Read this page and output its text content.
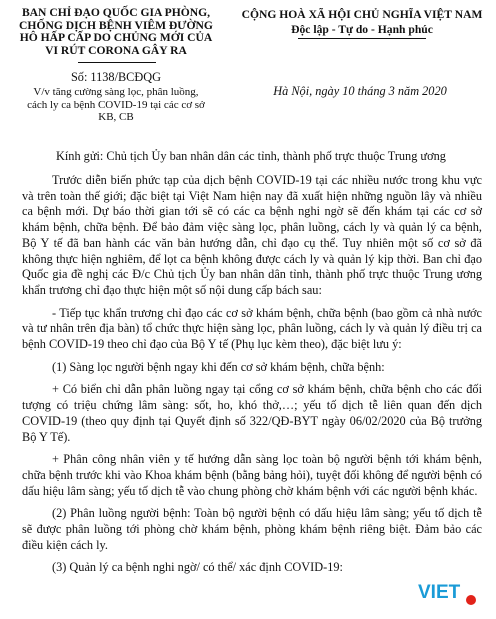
BAN CHỈ ĐẠO QUỐC GIA PHÒNG,
CHỐNG DỊCH BỆNH VIÊM ĐƯỜNG
HÔ HẤP CẤP DO CHỦNG MỚI CỦA
VI RÚT CORONA GÂY RA
CỘNG HOÀ XÃ HỘI CHỦ NGHĨA VIỆT NAM
Độc lập - Tự do - Hạnh phúc
Số: 1138/BCĐQG
V/v tăng cường sàng lọc, phân luồng,
cách ly ca bệnh COVID-19 tại các cơ sở
KB, CB
Hà Nội, ngày 10 tháng 3 năm 2020
Kính gửi: Chủ tịch Ủy ban nhân dân các tỉnh, thành phố trực thuộc Trung ương

Trước diễn biến phức tạp của dịch bệnh COVID-19 tại các nhiều nước trong khu vực và trên toàn thế giới; đặc biệt tại Việt Nam hiện nay đã xuất hiện những nguồn lây và nhiều ca bệnh mới. Dự báo thời gian tới sẽ có các ca bệnh nghi ngờ sẽ đến khám tại các cơ sở khám bệnh, chữa bệnh. Để bảo đảm việc sàng lọc, phân luồng, cách ly và quản lý ca bệnh, Bộ Y tế đã ban hành các văn bản hướng dẫn, chỉ đạo cụ thể. Tuy nhiên một số cơ sở đã không thực hiện nghiêm, để lọt ca bệnh không được cách ly và quản lý kịp thời. Ban chỉ đạo Quốc gia đề nghị các Đ/c Chủ tịch Ủy ban nhân dân tỉnh, thành phố trực thuộc Trung ương khẩn trương chỉ đạo thực hiện một số nội dung cấp bách sau:

- Tiếp tục khẩn trương chỉ đạo các cơ sở khám bệnh, chữa bệnh (bao gồm cả nhà nước và tư nhân trên địa bàn) tổ chức thực hiện sàng lọc, phân luồng, cách ly và quản lý điều trị ca bệnh COVID-19 theo chỉ đạo của Bộ Y tế (Phụ lục kèm theo), đặc biệt lưu ý:

(1) Sàng lọc người bệnh ngay khi đến cơ sở khám bệnh, chữa bệnh:

+ Có biển chỉ dẫn phân luồng ngay tại cổng cơ sở khám bệnh, chữa bệnh cho các đối tượng có triệu chứng lâm sàng: sốt, ho, khó thở,…; yếu tố dịch tễ liên quan đến dịch COVID-19 (theo quy định tại Quyết định số 322/QĐ-BYT ngày 06/02/2020 của Bộ trưởng Bộ Y Tế).

+ Phân công nhân viên y tế hướng dẫn sàng lọc toàn bộ người bệnh tới khám bệnh, chữa bệnh trước khi vào Khoa khám bệnh (bằng bảng hỏi), tuyệt đối không để người bệnh có dấu hiệu lâm sàng; yếu tố dịch tễ vào chung phòng chờ khám bệnh với các người bệnh khác.

(2) Phân luồng người bệnh: Toàn bộ người bệnh có dấu hiệu lâm sàng; yếu tố dịch tễ sẽ được phân luồng tới phòng chờ khám bệnh, phòng khám bệnh riêng biệt. Đảm bảo các điều kiện cách ly.

(3) Quản lý ca bệnh nghi ngờ/ có thể/ xác định COVID-19:

VIET
